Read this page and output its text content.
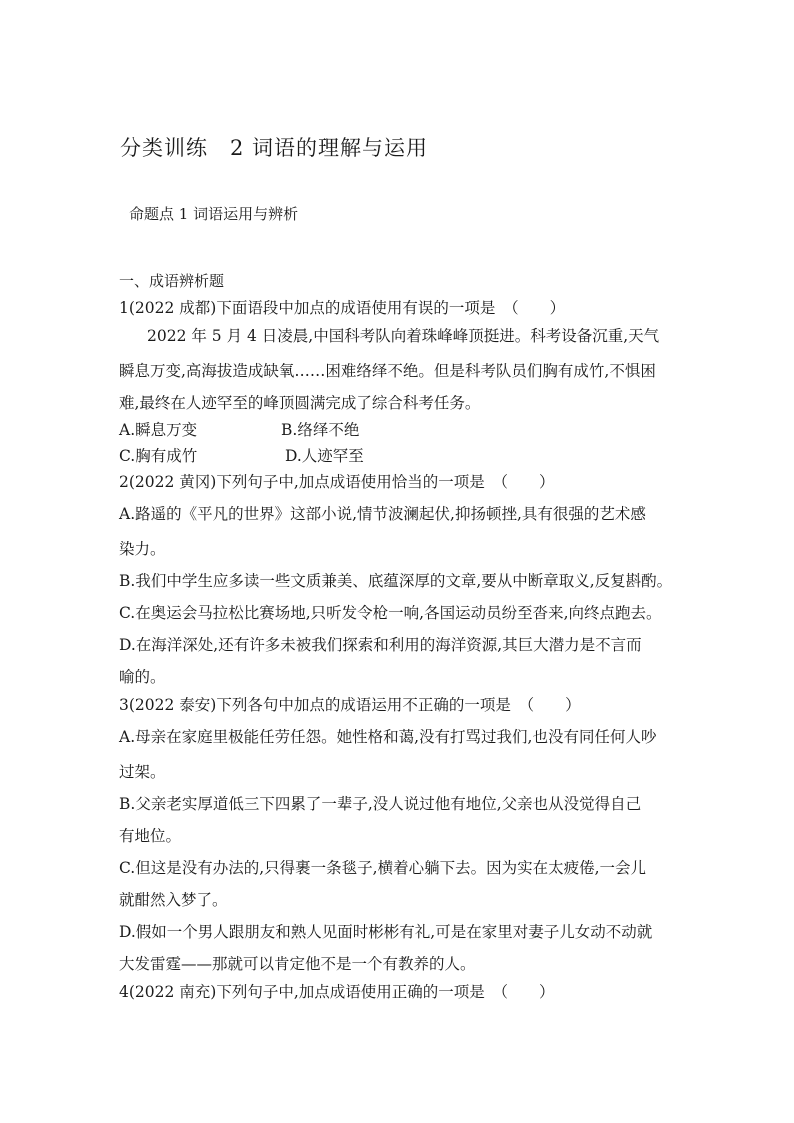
分类训练　2 词语的理解与运用
命题点 1 词语运用与辨析
一、成语辨析题
1(2022 成都)下面语段中加点的成语使用有误的一项是　（　　）
2022 年 5 月 4 日凌晨,中国科考队向着珠峰峰顶挺进。科考设备沉重,天气
瞬息万变,高海拔造成缺氧……困难络绎不绝。但是科考队员们胸有成竹,不惧困
难,最终在人迹罕至的峰顶圆满完成了综合科考任务。
A.瞬息万变	B.络绎不绝
C.胸有成竹	D.人迹罕至
2(2022 黄冈)下列句子中,加点成语使用恰当的一项是　（　　）
A.路遥的《平凡的世界》这部小说,情节波澜起伏,抑扬顿挫,具有很强的艺术感
染力。
B.我们中学生应多读一些文质兼美、底蕴深厚的文章,要从中断章取义,反复斟酌。
C.在奥运会马拉松比赛场地,只听发令枪一响,各国运动员纷至沓来,向终点跑去。
D.在海洋深处,还有许多未被我们探索和利用的海洋资源,其巨大潜力是不言而
喻的。
3(2022 泰安)下列各句中加点的成语运用不正确的一项是　（　　）
A.母亲在家庭里极能任劳任怨。她性格和蔼,没有打骂过我们,也没有同任何人吵
过架。
B.父亲老实厚道低三下四累了一辈子,没人说过他有地位,父亲也从没觉得自己
有地位。
C.但这是没有办法的,只得裹一条毯子,横着心躺下去。因为实在太疲倦,一会儿
就酣然入梦了。
D.假如一个男人跟朋友和熟人见面时彬彬有礼,可是在家里对妻子儿女动不动就
大发雷霆——那就可以肯定他不是一个有教养的人。
4(2022 南充)下列句子中,加点成语使用正确的一项是　（　　）
